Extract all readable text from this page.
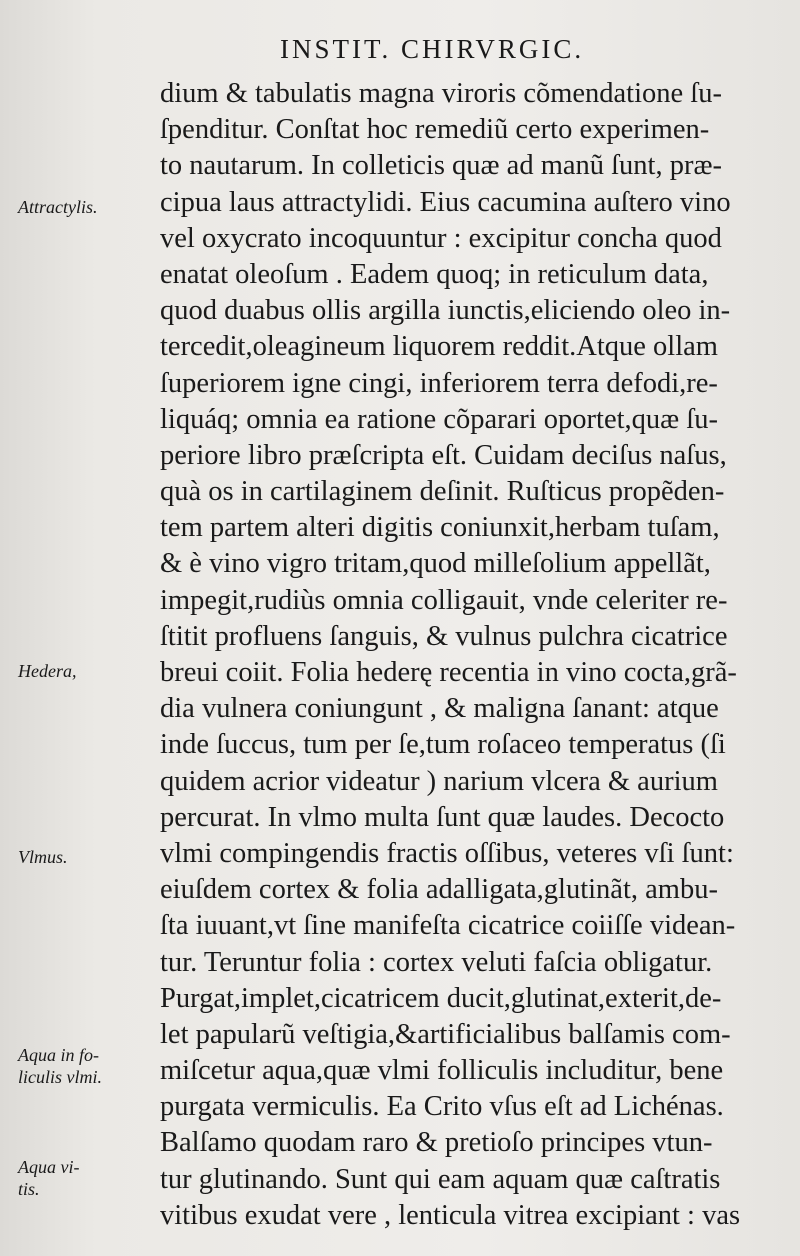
INSTIT. CHIRVRGIC.
dium & tabulatis magna viroris cõmendatione ſu-
ſpenditur. Conſtat hoc remediũ certo experimen-
to nautarum. In colleticis quæ ad manũ ſunt, præ-
cipua laus attractylidi. Eius cacumina auſtero vino
vel oxycrato incoquuntur : excipitur concha quod
enatat oleoſum . Eadem quoq; in reticulum data,
quod duabus ollis argilla iunctis,eliciendo oleo in-
tercedit,oleagineum liquorem reddit.Atque ollam
ſuperiorem igne cingi, inferiorem terra defodi,re-
liquáq; omnia ea ratione cõparari oportet,quæ ſu-
periore libro præſcripta eſt. Cuidam deciſus naſus,
quà os in cartilaginem deſinit. Ruſticus propẽden-
tem partem alteri digitis coniunxit,herbam tuſam,
& è vino vigro tritam,quod milleſolium appellãt,
impegit,rudiùs omnia colligauit, vnde celeriter re-
ſtitit profluens ſanguis, & vulnus pulchra cicatrice
breui coiit. Folia hederę recentia in vino cocta,grã-
dia vulnera coniungunt , & maligna ſanant: atque
inde ſuccus, tum per ſe,tum roſaceo temperatus (ſi
quidem acrior videatur ) narium vlcera & aurium
percurat. In vlmo multa ſunt quæ laudes. Decocto
vlmi compingendis fractis oſſibus, veteres vſi ſunt:
eiuſdem cortex & folia adalligata,glutinãt, ambu-
ſta iuuant,vt ſine manifeſta cicatrice coiiſſe videan-
tur. Teruntur folia : cortex veluti faſcia obligatur.
Purgat,implet,cicatricem ducit,glutinat,exterit,de-
let papularũ veſtigia,&artificialibus balſamis com-
miſcetur aqua,quæ vlmi folliculis includitur, bene
purgata vermiculis. Ea Crito vſus eſt ad Lichénas.
Balſamo quodam raro & pretioſo principes vtun-
tur glutinando. Sunt qui eam aquam quæ caſtratis
vitibus exudat vere , lenticula vitrea excipiant : vas
Attractylis.
Hedera,
Vlmus.
Aqua in fo-
liculis vlmi.
Aqua vi-
tis.
